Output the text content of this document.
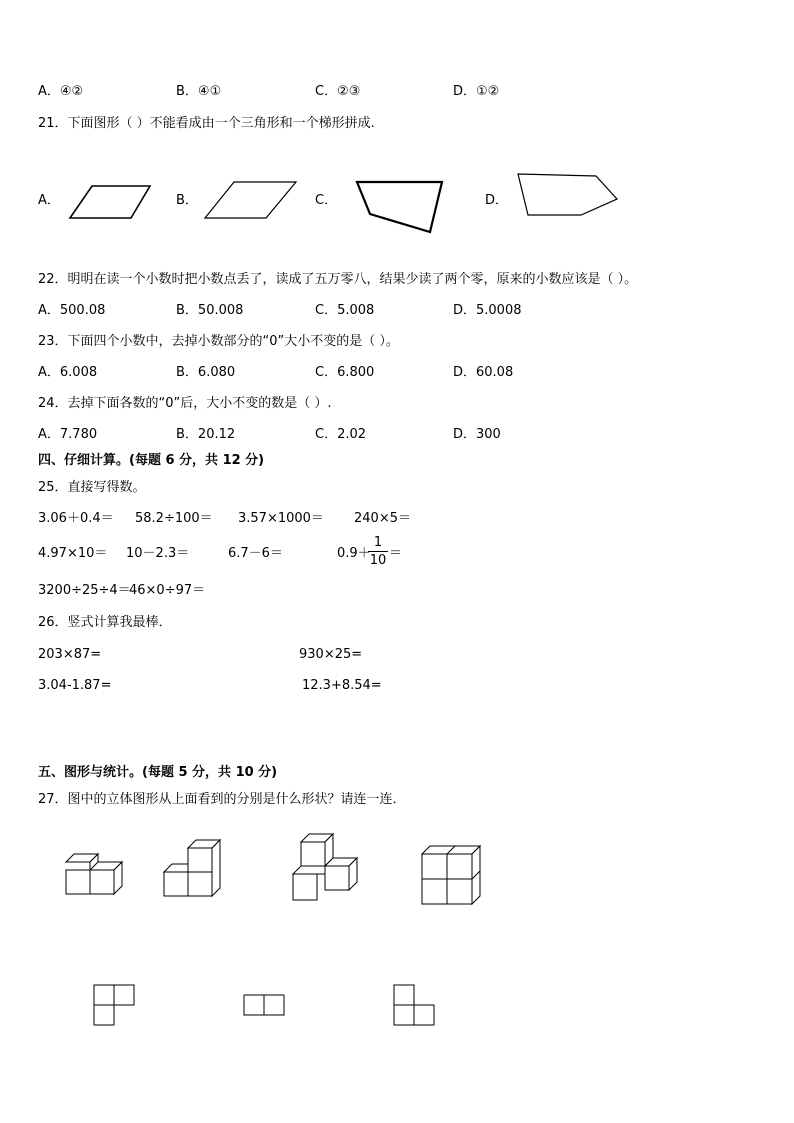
A．④②	B．④①	C．②③	D．①②
21．下面图形（ ）不能看成由一个三角形和一个梯形拼成.
A．	B．	C．	D．
22．明明在读一个小数时把小数点丢了，读成了五万零八，结果少读了两个零，原来的小数应该是（ ）。
A．500.08	B．50.008	C．5.008	D．5.0008
23．下面四个小数中，去掉小数部分的“0”大小不变的是（ ）。
A．6.008	B．6.080	C．6.800	D．60.08
24．去掉下面各数的“0”后，大小不变的数是（ ）.
A．7.780	B．20.12	C．2.02	D．300
四、仔细计算。(每题 6 分，共 12 分)
25．直接写得数。
3.06＋0.4＝ 58.2÷100＝ 3.57×1000＝ 240×5＝
4.97×10＝ 10－2.3＝	6.7－6＝	0.9＋
1
10 ＝
3200÷25÷4＝
46×0÷97＝
26．竖式计算我最棒．
203×87=	930×25=
3.04-1.87=	12.3+8.54=
五、图形与统计。(每题 5 分，共 10 分)
27．图中的立体图形从上面看到的分别是什么形状？请连一连．
